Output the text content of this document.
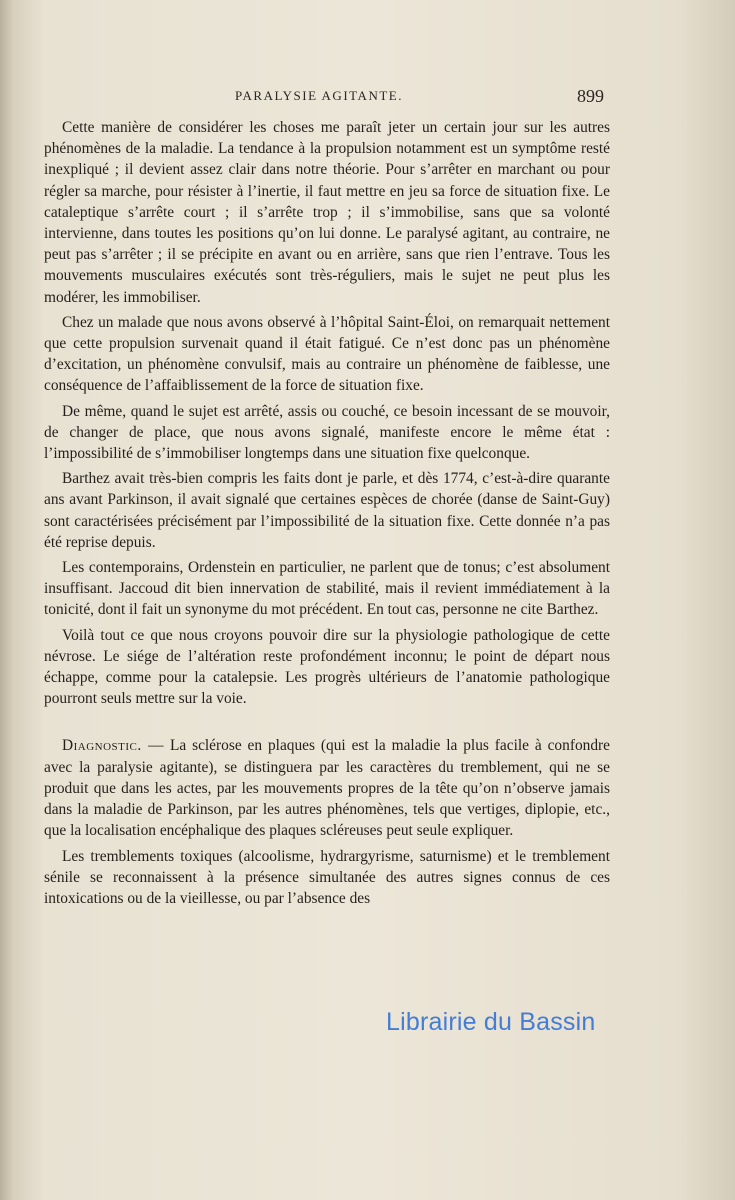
PARALYSIE AGITANTE.	899

Cette manière de considérer les choses me paraît jeter un certain jour sur les autres phénomènes de la maladie. La tendance à la propulsion notamment est un symptôme resté inexpliqué ; il devient assez clair dans notre théorie. Pour s’arrêter en marchant ou pour régler sa marche, pour résister à l’inertie, il faut mettre en jeu sa force de situation fixe. Le cataleptique s’arrête court ; il s’arrête trop ; il s’immobilise, sans que sa volonté intervienne, dans toutes les positions qu’on lui donne. Le paralysé agitant, au contraire, ne peut pas s’arrêter ; il se précipite en avant ou en arrière, sans que rien l’entrave. Tous les mouvements musculaires exécutés sont très-réguliers, mais le sujet ne peut plus les modérer, les immobiliser.

Chez un malade que nous avons observé à l’hôpital Saint-Éloi, on remarquait nettement que cette propulsion survenait quand il était fatigué. Ce n’est donc pas un phénomène d’excitation, un phénomène convulsif, mais au contraire un phénomène de faiblesse, une conséquence de l’affaiblissement de la force de situation fixe.

De même, quand le sujet est arrêté, assis ou couché, ce besoin incessant de se mouvoir, de changer de place, que nous avons signalé, manifeste encore le même état : l’impossibilité de s’immobiliser longtemps dans une situation fixe quelconque.

Barthez avait très-bien compris les faits dont je parle, et dès 1774, c’est-à-dire quarante ans avant Parkinson, il avait signalé que certaines espèces de chorée (danse de Saint-Guy) sont caractérisées précisément par l’impossibilité de la situation fixe. Cette donnée n’a pas été reprise depuis.

Les contemporains, Ordenstein en particulier, ne parlent que de tonus; c’est absolument insuffisant. Jaccoud dit bien innervation de stabilité, mais il revient immédiatement à la tonicité, dont il fait un synonyme du mot précédent. En tout cas, personne ne cite Barthez.

Voilà tout ce que nous croyons pouvoir dire sur la physiologie pathologique de cette névrose. Le siége de l’altération reste profondément inconnu; le point de départ nous échappe, comme pour la catalepsie. Les progrès ultérieurs de l’anatomie pathologique pourront seuls mettre sur la voie.

Diagnostic. — La sclérose en plaques (qui est la maladie la plus facile à confondre avec la paralysie agitante), se distinguera par les caractères du tremblement, qui ne se produit que dans les actes, par les mouvements propres de la tête qu’on n’observe jamais dans la maladie de Parkinson, par les autres phénomènes, tels que vertiges, diplopie, etc., que la localisation encéphalique des plaques scléreuses peut seule expliquer.

Les tremblements toxiques (alcoolisme, hydrargyrisme, saturnisme) et le tremblement sénile se reconnaissent à la présence simultanée des autres signes connus de ces intoxications ou de la vieillesse, ou par l’absence des

Librairie du Bassin
